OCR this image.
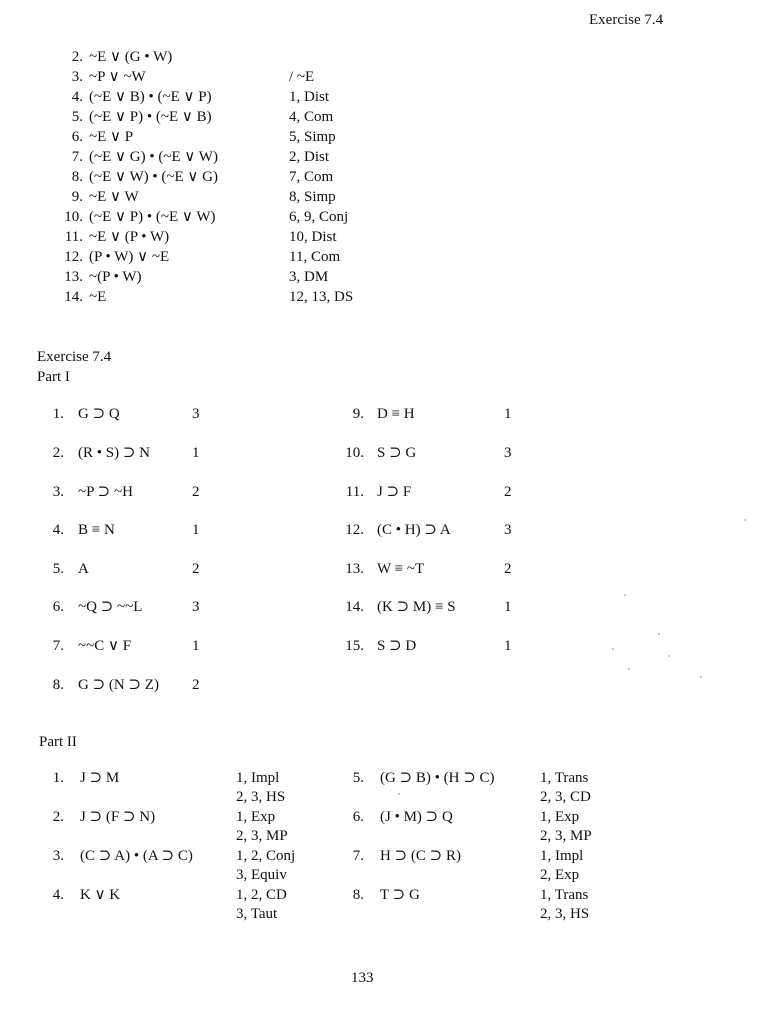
Exercise 7.4
2. ~E ∨ (G • W)
3. ~P ∨ ~W	/ ~E
4. (~E ∨ B) • (~E ∨ P)	1, Dist
5. (~E ∨ P) • (~E ∨ B)	4, Com
6. ~E ∨ P	5, Simp
7. (~E ∨ G) • (~E ∨ W)	2, Dist
8. (~E ∨ W) • (~E ∨ G)	7, Com
9. ~E ∨ W	8, Simp
10. (~E ∨ P) • (~E ∨ W)	6, 9, Conj
11. ~E ∨ (P • W)	10, Dist
12. (P • W) ∨ ~E	11, Com
13. ~(P • W)	3, DM
14. ~E	12, 13, DS
Exercise 7.4
Part I
1. G ⊃ Q	3
2. (R • S) ⊃ N	1
3. ~P ⊃ ~H	2
4. B ≡ N	1
5. A	2
6. ~Q ⊃ ~~L	3
7. ~~C ∨ F	1
8. G ⊃ (N ⊃ Z) 2
9. D ≡ H	1
10. S ⊃ G	3
11. J ⊃ F	2
12. (C • H) ⊃ A	3
13. W ≡ ~T	2
14. (K ⊃ M) ≡ S	1
15. S ⊃ D	1
Part II
1. J ⊃ M	1, Impl
2, 3, HS
2. J ⊃ (F ⊃ N)	1, Exp
2, 3, MP
3. (C ⊃ A) • (A ⊃ C)	1, 2, Conj
3, Equiv
4. K ∨ K	1, 2, CD
3, Taut
5. (G ⊃ B) • (H ⊃ C)	1, Trans
2, 3, CD
6. (J • M) ⊃ Q	1, Exp
2, 3, MP
7. H ⊃ (C ⊃ R)	1, Impl
2, Exp
8. T ⊃ G	1, Trans
2, 3, HS
133
